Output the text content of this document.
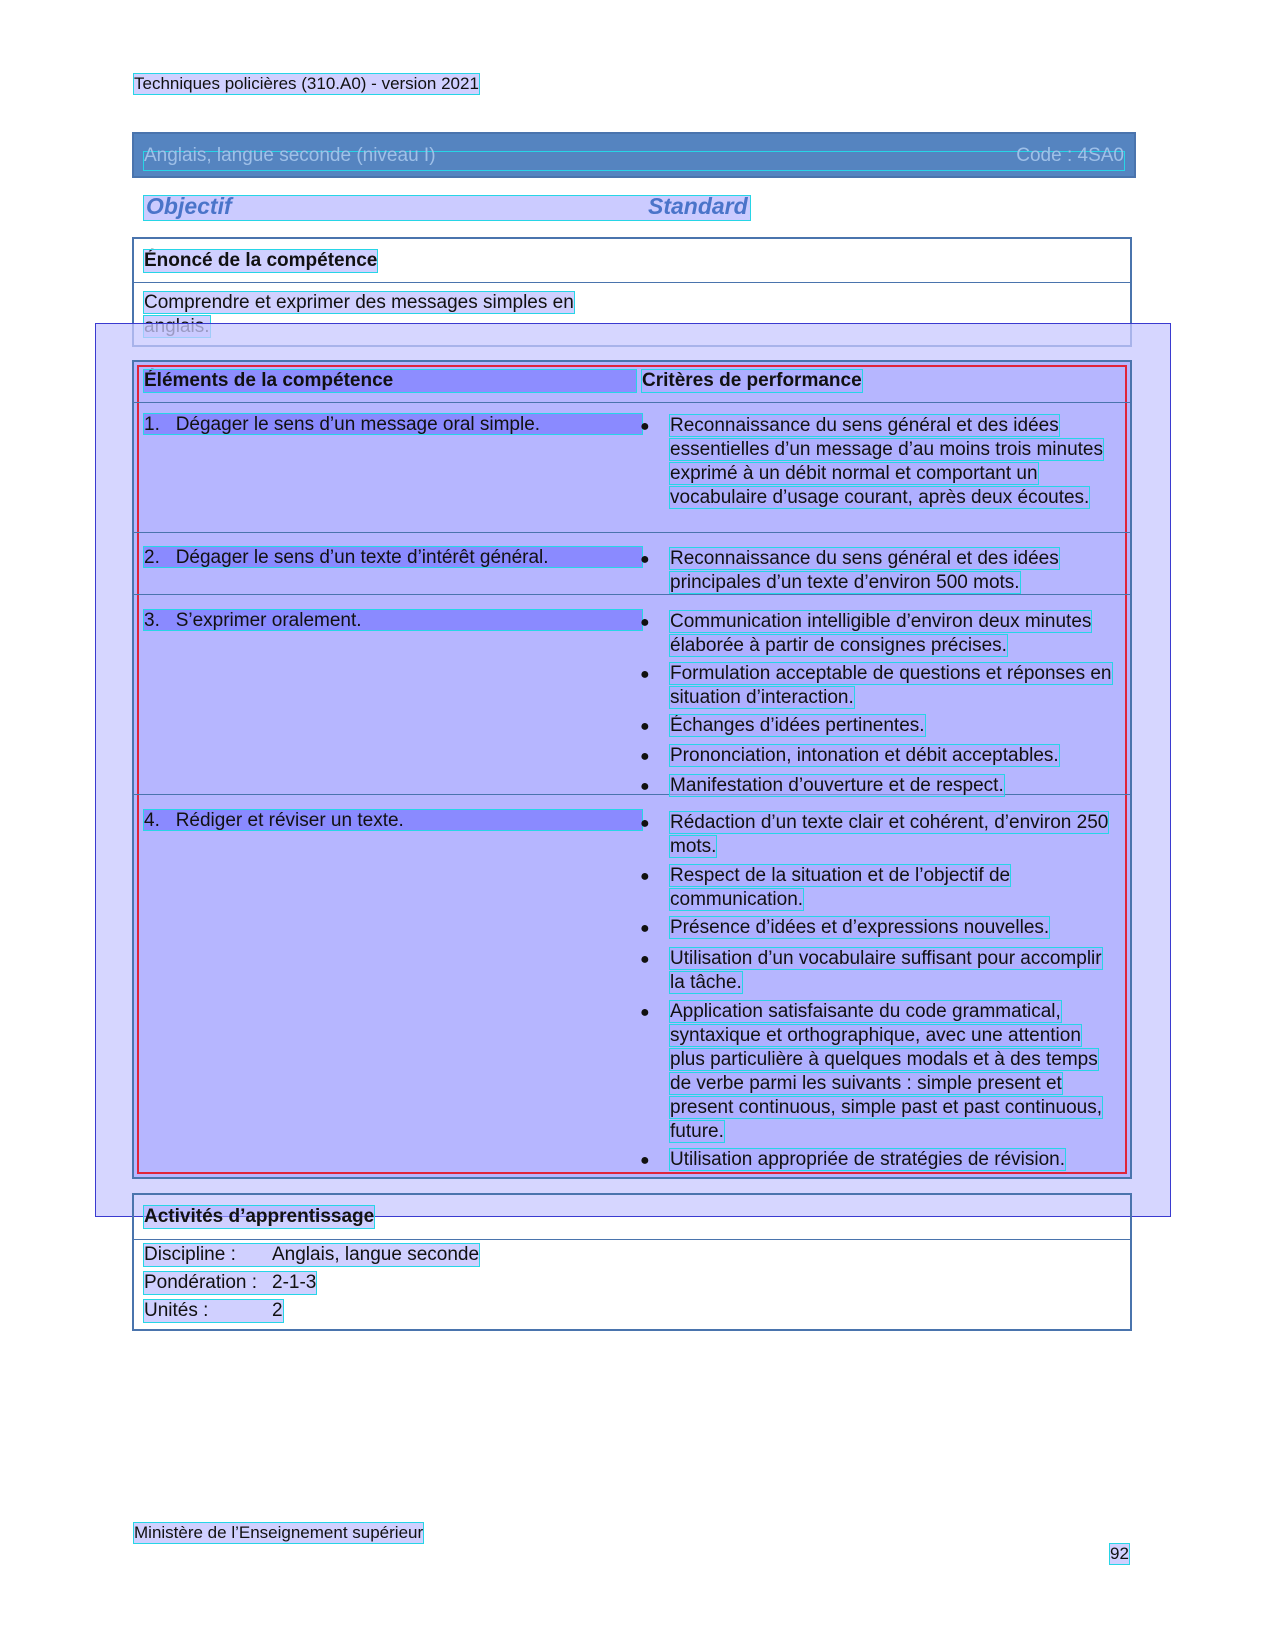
Techniques policières (310.A0) - version 2021
Anglais, langue seconde (niveau I)	Code : 4SA0
Objectif	Standard
Énoncé de la compétence
Comprendre et exprimer des messages simples en
Éléments de la compétence	Critères de performance
1. Dégager le sens d’un message oral simple.	● Reconnaissance du sens général et des idées essentielles d’un message d’au moins trois minutes exprimé à un débit normal et comportant un vocabulaire d’usage courant, après deux écoutes.
2. Dégager le sens d’un texte d’intérêt général.	● Reconnaissance du sens général et des idées principales d’un texte d’environ 500 mots.
3. S’exprimer oralement.	● Communication intelligible d’environ deux minutes élaborée à partir de consignes précises.
● Formulation acceptable de questions et réponses en situation d’interaction.
● Échanges d’idées pertinentes.
● Prononciation, intonation et débit acceptables.
● Manifestation d’ouverture et de respect.
4. Rédiger et réviser un texte.	● Rédaction d’un texte clair et cohérent, d’environ 250 mots.
● Respect de la situation et de l’objectif de communication.
● Présence d’idées et d’expressions nouvelles.
● Utilisation d’un vocabulaire suffisant pour accomplir la tâche.
● Application satisfaisante du code grammatical, syntaxique et orthographique, avec une attention plus particulière à quelques modals et à des temps de verbe parmi les suivants : simple present et present continuous, simple past et past continuous, future.
● Utilisation appropriée de stratégies de révision.
Activités d’apprentissage
Discipline : Anglais, langue seconde
Pondération : 2-1-3
Unités :	2
Ministère de l’Enseignement supérieur
92
